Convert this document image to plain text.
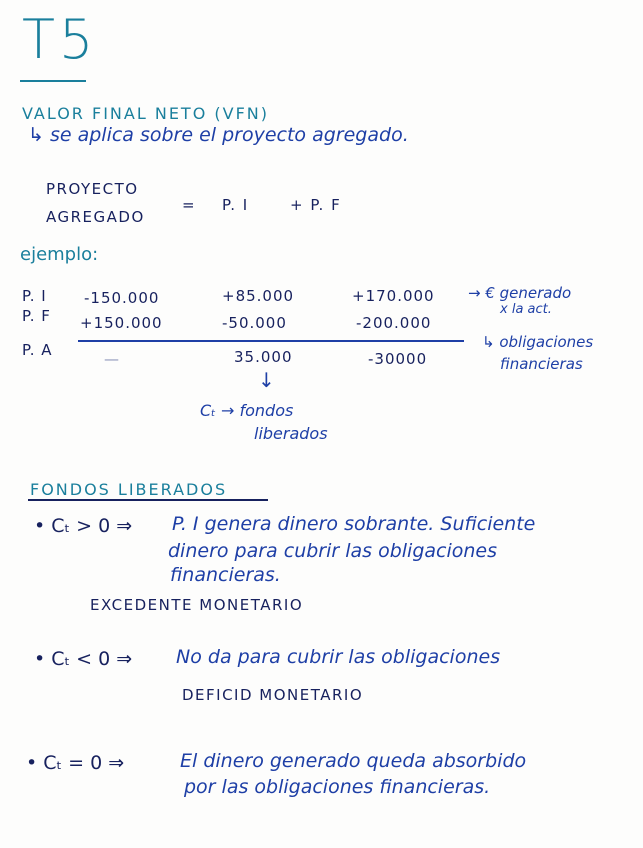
T5
VALOR FINAL NETO (VFN)
↳ se aplica sobre el proyecto agregado.
PROYECTO
AGREGADO
= P. I	+ P. F
ejemplo:
P. I -150.000	+85.000	+170.000
P. F +150.000	-50.000	-200.000
P. A	—	35.000	-30000
→ € generado
x la act.
↳ obligaciones
financieras
↓
Cₜ → fondos
liberados
FONDOS LIBERADOS
• Cₜ > 0 ⇒ P. I genera dinero sobrante. Suficiente
dinero para cubrir las obligaciones
financieras.
EXCEDENTE MONETARIO
• Cₜ < 0 ⇒ No da para cubrir las obligaciones
DEFICID MONETARIO
• Cₜ = 0 ⇒	El dinero generado queda absorbido
por las obligaciones financieras.
